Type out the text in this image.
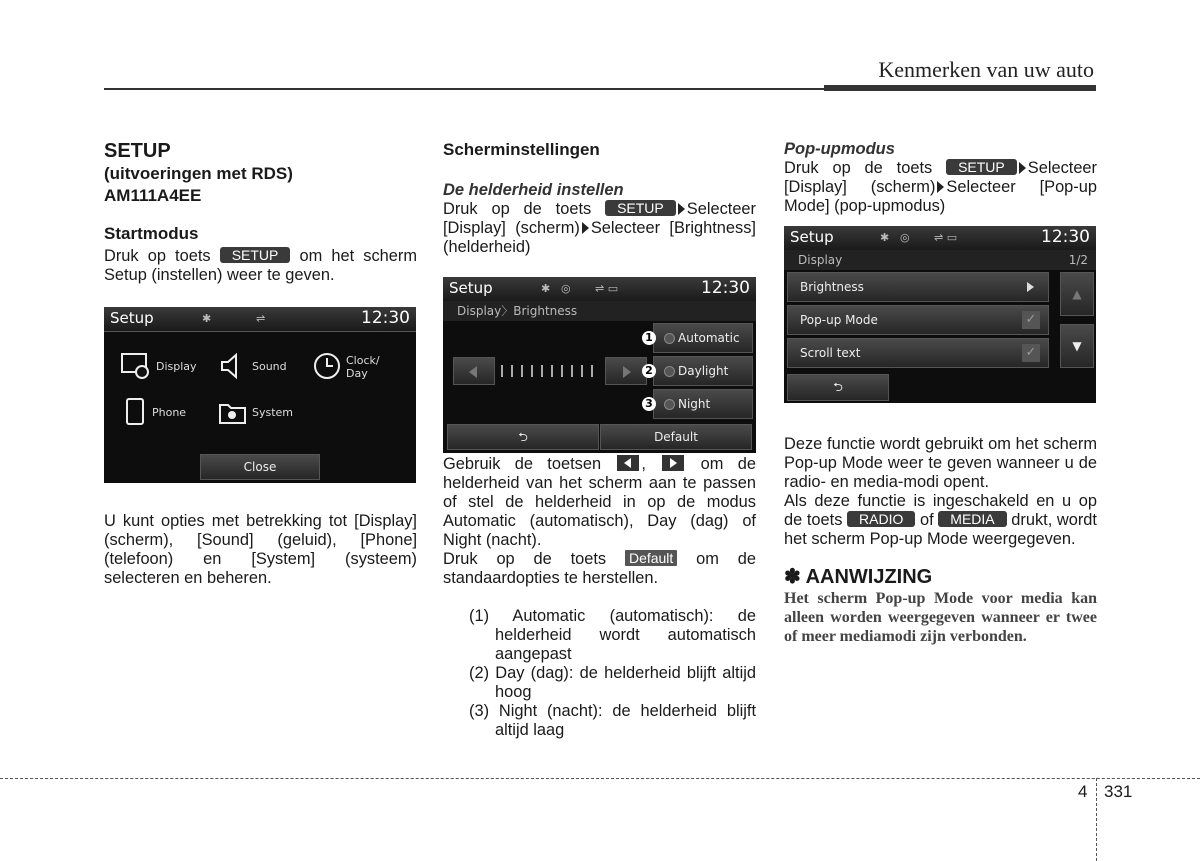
Kenmerken van uw auto
SETUP
(uitvoeringen met RDS)
AM111A4EE
Startmodus

Druk op toets SETUP om het scherm Setup (instellen) weer te geven.

U kunt opties met betrekking tot [Display] (scherm), [Sound] (geluid), [Phone] (telefoon) en [System] (systeem) selecteren en beheren.

Setup	✱	⇌	12:30
Display	Sound	Clock/ Day
Phone	System
Close
Scherminstellingen
De helderheid instellen

Druk op de toets SETUP Selecteer [Display] (scherm) Selecteer [Brightness] (helderheid)

Gebruik de toetsen ,	om de helderheid van het scherm aan te passen of stel de helderheid in op de modus Automatic (automatisch), Day (dag) of Night (nacht).

Druk op de toets Default om de standaardopties te herstellen.

(1) Automatic (automatisch): de helderheid wordt automatisch aangepast
(2) Day (dag): de helderheid blijft altijd hoog
(3) Night (nacht): de helderheid blijft altijd laag
Setup	✱ ◎ ⇌ ▭	12:30
Display〉Brightness
Automatic
Daylight
Night
1
2
3
⮌	Default
Pop-upmodus

Druk op de toets SETUP Selecteer [Display] (scherm) Selecteer [Pop-up Mode] (pop-upmodus)

Deze functie wordt gebruikt om het scherm Pop-up Mode weer te geven wanneer u de radio- en media-modi opent.

Als deze functie is ingeschakeld en u op de toets RADIO of MEDIA drukt, wordt het scherm Pop-up Mode weergegeven.

✽ AANWIJZING
Het scherm Pop-up Mode voor media kan alleen worden weergegeven wanneer er twee of meer mediamodi zijn verbonden.
Setup	✱ ◎ ⇌ ▭	12:30
Display	1/2
Brightness
Pop-up Mode	✓
Scroll text	✓
▲
▼
⮌
4 331
